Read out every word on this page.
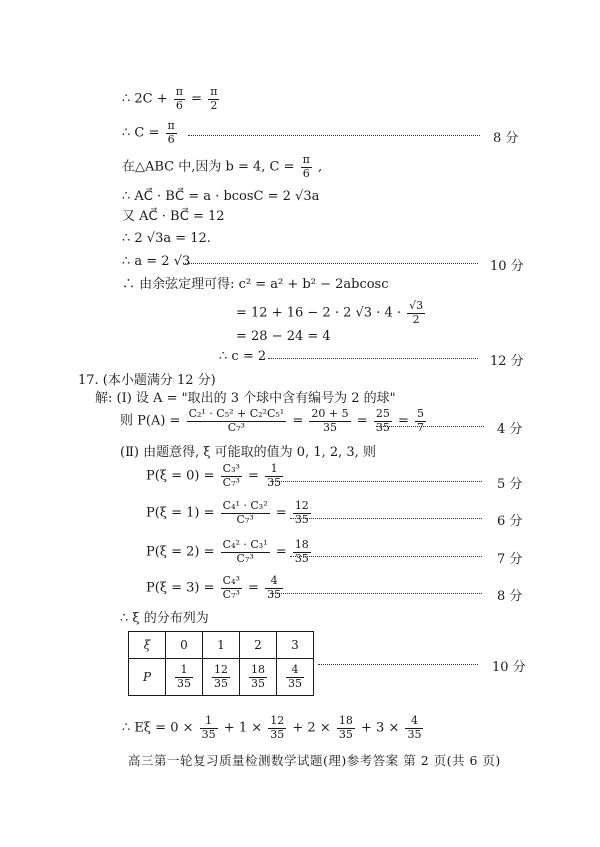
∴ $2C + \frac{\pi}{6} = \frac{\pi}{2}$
∴ $C = \frac{\pi}{6}$	8 分
在△ABC 中,因为 b = 4, $C = \frac{\pi}{6}$ ,
∴ AC⃗ · BC⃗ = a · bcosC = 2 √3a
又 AC⃗ · BC⃗ = 12
∴ 2 √3a = 12.
∴ a = 2 √3	10 分
∴ 由余弦定理可得: c² = a² + b² − 2abcosc
= 12 + 16 − 2 · 2 $√3 \cdot 4 \cdot \frac{√3}{2}$
= 28 − 24 = 4
∴ c = 2	12 分
17. (本小题满分 12 分)
解: (Ⅰ) 设 A = "取出的 3 个球中含有编号为 2 的球"
则 $P(A) = \frac{\text{C₂¹ · C₅² + C₂²C₅¹}}{\text{C₇³}} = \frac{20 + 5}{35} = \frac{25}{35} = \frac{5}{7}$	4 分
(Ⅱ) 由题意得, ξ 可能取的值为 0, 1, 2, 3, 则
$P(\xi = 0) = \frac{\text{C₃³}}{\text{C₇³}} = \frac{1}{35}$	5 分
$P(\xi = 1) = \frac{\text{C₄¹ · C₃²}}{\text{C₇³}} = \frac{12}{35}$	6 分
$P(\xi = 2) = \frac{\text{C₄² · C₃¹}}{\text{C₇³}} = \frac{18}{35}$	7 分
$P(\xi = 3) = \frac{\text{C₄³}}{\text{C₇³}} = \frac{4}{35}$	8 分
∴ ξ 的分布列为
ξ	0	1	2	3
P	$\frac{1}{35}$	$\frac{12}{35}$	$\frac{18}{35}$	$\frac{4}{35}$	10 分
∴ $E\xi = 0 \times \frac{1}{35} + 1 \times \frac{12}{35} + 2 \times \frac{18}{35} + 3 \times \frac{4}{35}$
高三第一轮复习质量检测数学试题(理)参考答案 第 2 页(共 6 页)
